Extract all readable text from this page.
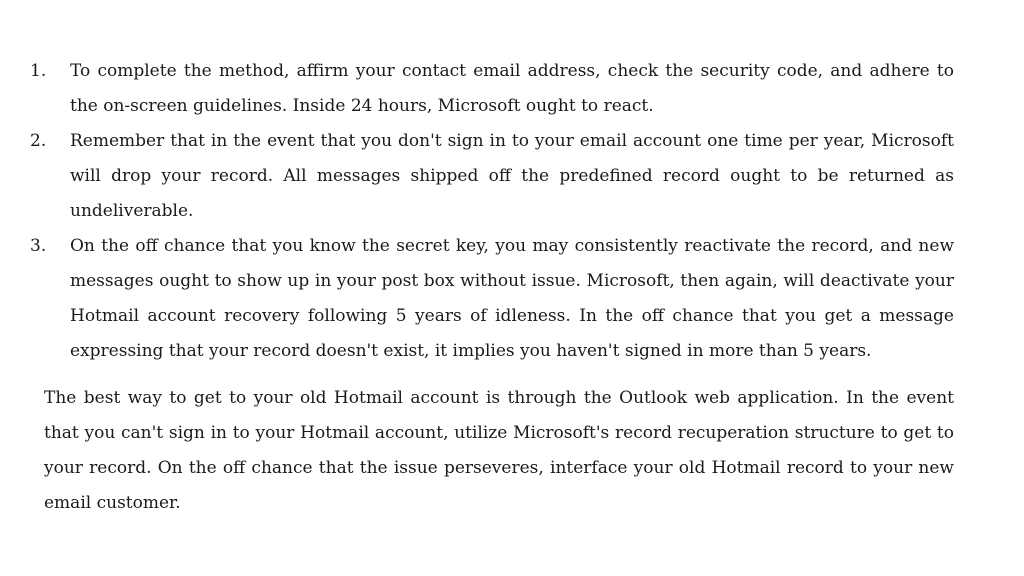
1.	To complete the method, affirm your contact email address, check the security code, and adhere to the on-screen guidelines. Inside 24 hours, Microsoft ought to react.
2.	Remember that in the event that you don't sign in to your email account one time per year, Microsoft will drop your record. All messages shipped off the predefined record ought to be returned as undeliverable.
3.	On the off chance that you know the secret key, you may consistently reactivate the record, and new messages ought to show up in your post box without issue. Microsoft, then again, will deactivate your Hotmail account recovery following 5 years of idleness. In the off chance that you get a message expressing that your record doesn't exist, it implies you haven't signed in more than 5 years.

The best way to get to your old Hotmail account is through the Outlook web application. In the event that you can't sign in to your Hotmail account, utilize Microsoft's record recuperation structure to get to your record. On the off chance that the issue perseveres, interface your old Hotmail record to your new email customer.
